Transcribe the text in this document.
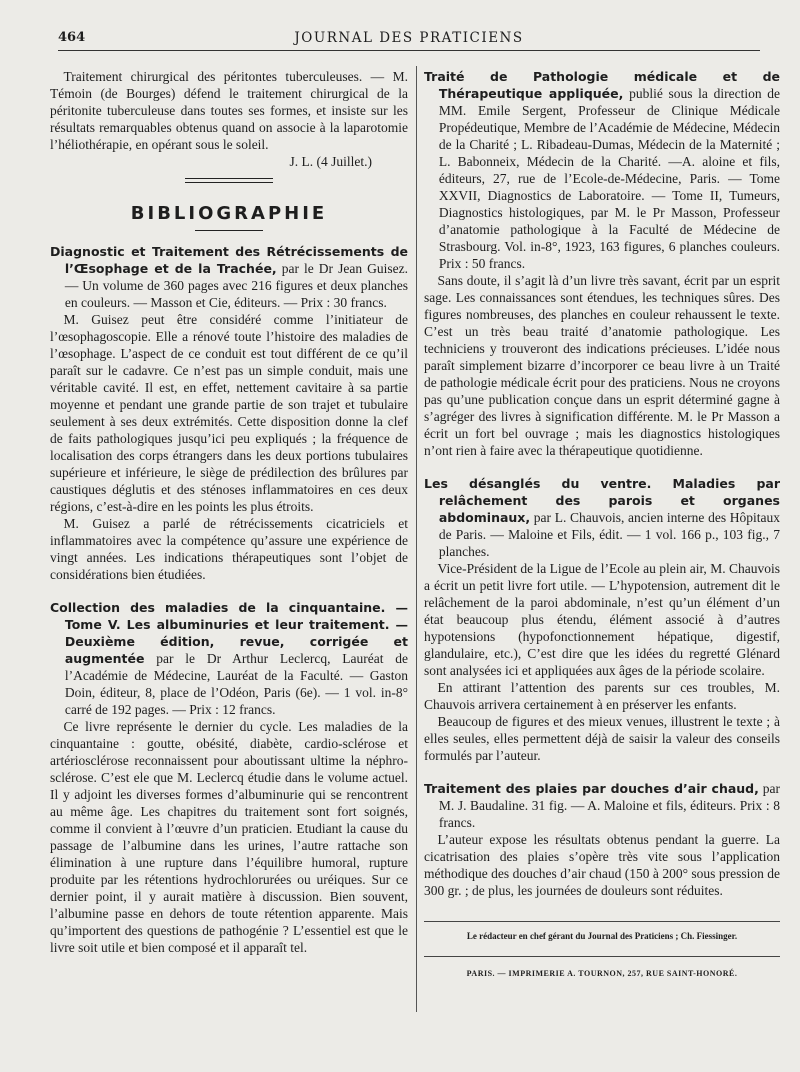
464	JOURNAL DES PRATICIENS

Traitement chirurgical des péritontes tuberculeuses. — M. Témoin (de Bourges) défend le traitement chirurgical de la péritonite tuberculeuse dans toutes ses formes, et insiste sur les résultats remarquables obtenus quand on associe à la laparotomie l’héliothérapie, en opérant sous le soleil.

J. L. (4 Juillet.)

BIBLIOGRAPHIE

Diagnostic et Traitement des Rétrécissements de l’Œsophage et de la Trachée, par le Dr Jean Guisez. — Un volume de 360 pages avec 216 figures et deux planches en couleurs. — Masson et Cie, éditeurs. — Prix : 30 francs.

M. Guisez peut être considéré comme l’initiateur de l’œsophagoscopie. Elle a rénové toute l’histoire des maladies de l’œsophage. L’aspect de ce conduit est tout différent de ce qu’il paraît sur le cadavre. Ce n’est pas un simple conduit, mais une véritable cavité. Il est, en effet, nettement cavitaire à sa partie moyenne et pendant une grande partie de son trajet et tubulaire seulement à ses deux extrémités. Cette disposition donne la clef de faits pathologiques jusqu’ici peu expliqués ; la fréquence de localisation des corps étrangers dans les deux portions tubulaires supérieure et inférieure, le siège de prédilection des brûlures par caustiques déglutis et des sténoses inflammatoires en ces deux régions, c’est-à-dire en les points les plus étroits.

M. Guisez a parlé de rétrécissements cicatriciels et inflammatoires avec la compétence qu’assure une expérience de vingt années. Les indications thérapeutiques sont l’objet de considérations bien étudiées.

Collection des maladies de la cinquantaine. — Tome V. Les albuminuries et leur traitement. — Deuxième édition, revue, corrigée et augmentée par le Dr Arthur Leclercq, Lauréat de l’Académie de Médecine, Lauréat de la Faculté. — Gaston Doin, éditeur, 8, place de l’Odéon, Paris (6e). — 1 vol. in-8° carré de 192 pages. — Prix : 12 francs.

Ce livre représente le dernier du cycle. Les maladies de la cinquantaine : goutte, obésité, diabète, cardio-sclérose et artériosclérose reconnaissent pour aboutissant ultime la néphro-sclérose. C’est ele que M. Leclercq étudie dans le volume actuel. Il y adjoint les diverses formes d’albuminurie qui se rencontrent au même âge. Les chapitres du traitement sont fort soignés, comme il convient à l’œuvre d’un praticien. Etudiant la cause du passage de l’albumine dans les urines, l’autre rattache son élimination à une rupture dans l’équilibre humoral, rupture produite par les rétentions hydrochlorurées ou uréiques. Sur ce dernier point, il y aurait matière à discussion. Bien souvent, l’albumine passe en dehors de toute rétention apparente. Mais qu’importent des questions de pathogénie ? L’essentiel est que le livre soit utile et bien composé et il apparaît tel.

Traité de Pathologie médicale et de Thérapeutique appliquée, publié sous la direction de MM. Emile Sergent, Professeur de Clinique Médicale Propédeutique, Membre de l’Académie de Médecine, Médecin de la Charité ; L. Ribadeau-Dumas, Médecin de la Maternité ; L. Babonneix, Médecin de la Charité. —A. aloine et fils, éditeurs, 27, rue de l’Ecole-de-Médecine, Paris. — Tome XXVII, Diagnostics de Laboratoire. — Tome II, Tumeurs, Diagnostics histologiques, par M. le Pr Masson, Professeur d’anatomie pathologique à la Faculté de Médecine de Strasbourg. Vol. in-8°, 1923, 163 figures, 6 planches couleurs. Prix : 50 francs.

Sans doute, il s’agit là d’un livre très savant, écrit par un esprit sage. Les connaissances sont étendues, les techniques sûres. Des figures nombreuses, des planches en couleur rehaussent le texte. C’est un très beau traité d’anatomie pathologique. Les techniciens y trouveront des indications précieuses. L’idée nous paraît simplement bizarre d’incorporer ce beau livre à un Traité de pathologie médicale écrit pour des praticiens. Nous ne croyons pas qu’une publication conçue dans un esprit déterminé gagne à s’agréger des livres à signification différente. M. le Pr Masson a écrit un fort bel ouvrage ; mais les diagnostics histologiques n’ont rien à faire avec la thérapeutique quotidienne.

Les désanglés du ventre. Maladies par relâchement des parois et organes abdominaux, par L. Chauvois, ancien interne des Hôpitaux de Paris. — Maloine et Fils, édit. — 1 vol. 166 p., 103 fig., 7 planches.

Vice-Président de la Ligue de l’Ecole au plein air, M. Chauvois a écrit un petit livre fort utile. — L’hypotension, autrement dit le relâchement de la paroi abdominale, n’est qu’un élément d’un état beaucoup plus étendu, élément associé à d’autres hypotensions (hypofonctionnement hépatique, digestif, glandulaire, etc.), C’est dire que les idées du regretté Glénard sont analysées ici et appliquées aux âges de la période scolaire.

En attirant l’attention des parents sur ces troubles, M. Chauvois arrivera certainement à en préserver les enfants.

Beaucoup de figures et des mieux venues, illustrent le texte ; à elles seules, elles permettent déjà de saisir la valeur des conseils formulés par l’auteur.

Traitement des plaies par douches d’air chaud, par M. J. Baudaline. 31 fig. — A. Maloine et fils, éditeurs. Prix : 8 francs.

L’auteur expose les résultats obtenus pendant la guerre. La cicatrisation des plaies s’opère très vite sous l’application méthodique des douches d’air chaud (150 à 200° sous pression de 300 gr. ; de plus, les journées de douleurs sont réduites.

Le rédacteur en chef gérant du Journal des Praticiens ; Ch. Fiessinger.
PARIS. — IMPRIMERIE A. TOURNON, 257, RUE SAINT-HONORÉ.
